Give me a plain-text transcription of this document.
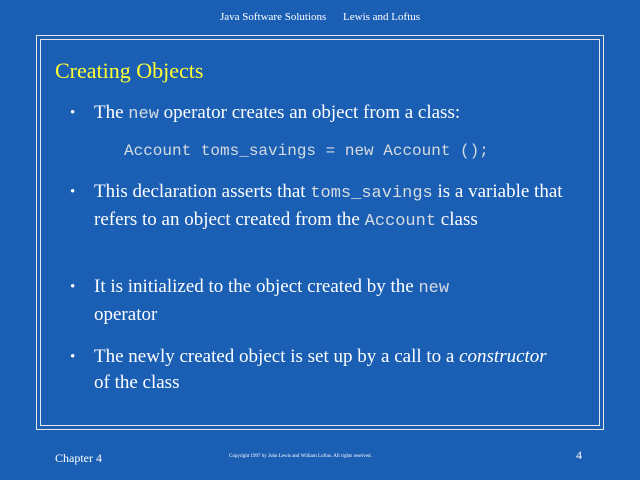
Java Software Solutions Lewis and Loftus
Creating Objects
• The new operator creates an object from a class:
Account toms_savings = new Account ();
• This declaration asserts that toms_savings is a variable that refers to an object created from the Account class
• It is initialized to the object created by the new
operator
• The newly created object is set up by a call to a constructor of the class
Chapter 4	Copyright 1997 by John Lewis and William Loftus. All rights reserved.	4
